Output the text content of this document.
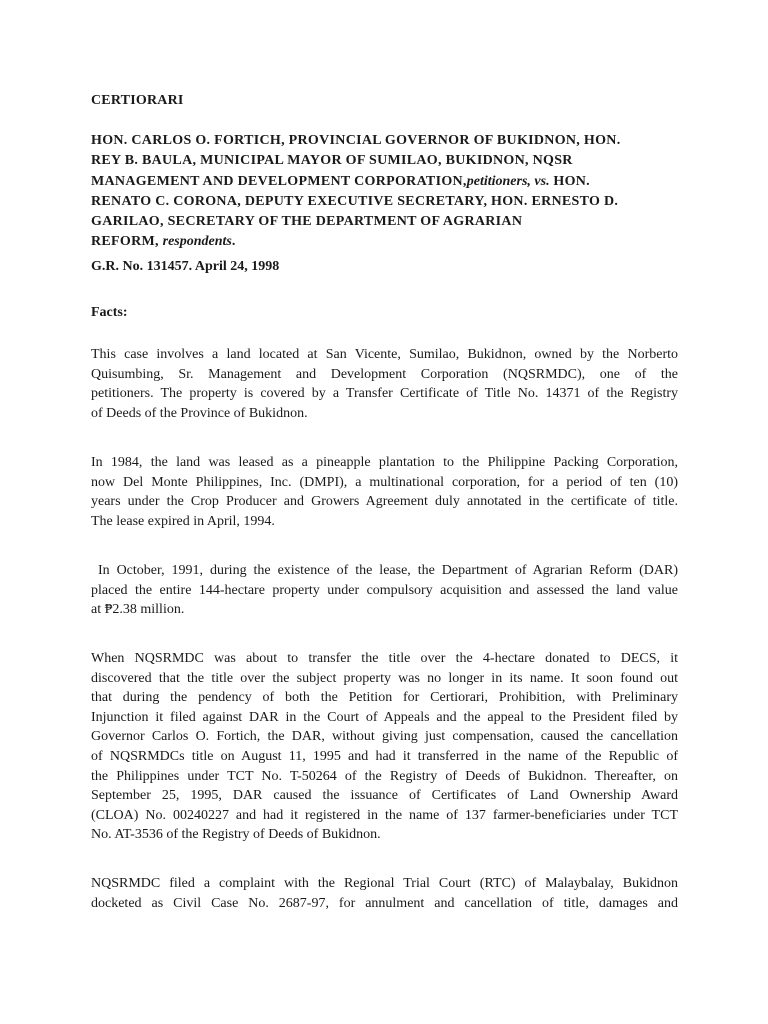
CERTIORARI
HON. CARLOS O. FORTICH, PROVINCIAL GOVERNOR OF BUKIDNON, HON.
REY B. BAULA, MUNICIPAL MAYOR OF SUMILAO, BUKIDNON, NQSR
MANAGEMENT AND DEVELOPMENT CORPORATION,petitioners, vs. HON.
RENATO C. CORONA, DEPUTY EXECUTIVE SECRETARY, HON. ERNESTO D.
GARILAO, SECRETARY OF THE DEPARTMENT OF AGRARIAN
REFORM, respondents.
G.R. No. 131457. April 24, 1998
Facts:
This case involves a land located at San Vicente, Sumilao, Bukidnon, owned by the Norberto
Quisumbing, Sr. Management and Development Corporation (NQSRMDC), one of the
petitioners. The property is covered by a Transfer Certificate of Title No. 14371 of the Registry
of Deeds of the Province of Bukidnon.
In 1984, the land was leased as a pineapple plantation to the Philippine Packing Corporation,
now Del Monte Philippines, Inc. (DMPI), a multinational corporation, for a period of ten (10)
years under the Crop Producer and Growers Agreement duly annotated in the certificate of title.
The lease expired in April, 1994.
In October, 1991, during the existence of the lease, the Department of Agrarian Reform (DAR)
placed the entire 144-hectare property under compulsory acquisition and assessed the land value
at ₱2.38 million.
When NQSRMDC was about to transfer the title over the 4-hectare donated to DECS, it
discovered that the title over the subject property was no longer in its name. It soon found out
that during the pendency of both the Petition for Certiorari, Prohibition, with Preliminary
Injunction it filed against DAR in the Court of Appeals and the appeal to the President filed by
Governor Carlos O. Fortich, the DAR, without giving just compensation, caused the cancellation
of NQSRMDCs title on August 11, 1995 and had it transferred in the name of the Republic of
the Philippines under TCT No. T-50264 of the Registry of Deeds of Bukidnon. Thereafter, on
September 25, 1995, DAR caused the issuance of Certificates of Land Ownership Award
(CLOA) No. 00240227 and had it registered in the name of 137 farmer-beneficiaries under TCT
No. AT-3536 of the Registry of Deeds of Bukidnon.
NQSRMDC filed a complaint with the Regional Trial Court (RTC) of Malaybalay, Bukidnon
docketed as Civil Case No. 2687-97, for annulment and cancellation of title, damages and
